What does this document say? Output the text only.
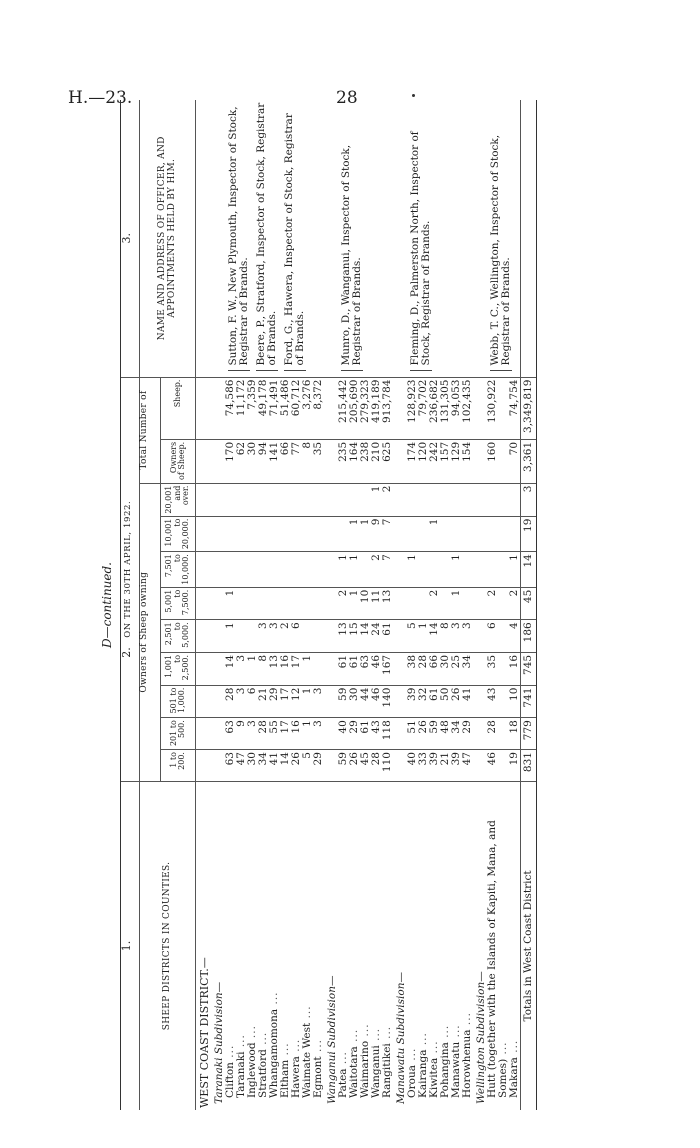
H.—23.	28
D—continued.
1.	2. ON THE 30TH APRIL, 1922.											3.
SHEEP DISTRICTS IN COUNTIES.	Owners of Sheep owning									Total Number of		NAME AND ADDRESS OF OFFICER, AND APPOINTMENTS HELD BY HIM.
	1 to 200.	201 to 500.	501 to 1,000.	1,001 to 2,500.	2,501 to 5,000.	5,001 to 7,500.	7,501 to 10,000.	10,001 to 20,000.	20,001 and over.	Owners of Sheep.	Sheep.	
WEST COAST DISTRICT.—												
Taranaki Subdivision—												Sutton, F. W., New Plymouth, Inspector of Stock, Registrar of Brands. Beere, P., Stratford, Inspector of Stock, Registrar of Brands. Ford, G., Hawera, Inspector of Stock, Registrar of Brands.

Clifton ...	63	63	28	14	1	1				170	74,586	
Taranaki ...	47	9	3	3						62	11,172	
Inglewood ...	30	3	6	1						30	7,359	
Stratford ...	34	28	21	8	3					94	49,178	
Whangamomona ...	41	55	29	13	3					141	71,491	
Eltham ...	14	17	17	16	2					66	51,486	
Hawera ...	26	16	12	17	6					77	60,712	
Waimate West ...	5	1	1	1						8	3,276	
Egmont ...	29	3	3							35	8,372	
Wanganui Subdivision—												Munro, D., Wanganui, Inspector of Stock, Registrar of Brands.

Patea ...	59	40	59	61	13	2	1			235	215,442	
Waitotara ...	26	29	30	61	15	1	1	1		164	205,690	
Waimarino ...	45	61	44	63	14	10		1		238	279,323	
Wanganui ...	28	43	46	46	24	11	2	9	1	210	419,189	
Rangitikei ...	110	118	140	167	61	13	7	7	2	625	913,784	
Manawatu Subdivision—												Fleming, D., Palmerston North, Inspector of Stock, Registrar of Brands.

Oroua ...	40	51	39	38	5		1			174	128,923	
Kairanga ...	33	26	32	28	1					120	79,702	
Kiwitea ...	39	59	61	66	14	2		1		242	236,682	
Pohangina ...	21	48	50	30	8					157	131,305	
Manawatu ...	39	34	26	25	3	1	1			129	94,053	
Horowhenua ...	47	29	41	34	3					154	102,435	
Wellington Subdivision—												Webb, T. C., Wellington, Inspector of Stock, Registrar of Brands.

Hutt (together with the Islands of Kapiti, Mana, and Somes) ...	46	28	43	35	6	2				160	130,922	
Makara ...	19	18	10	16	4	2	1			70	74,754	
Totals in West Coast District	831	779	741	745	186	45	14	19	3	3,361	3,349,819	
